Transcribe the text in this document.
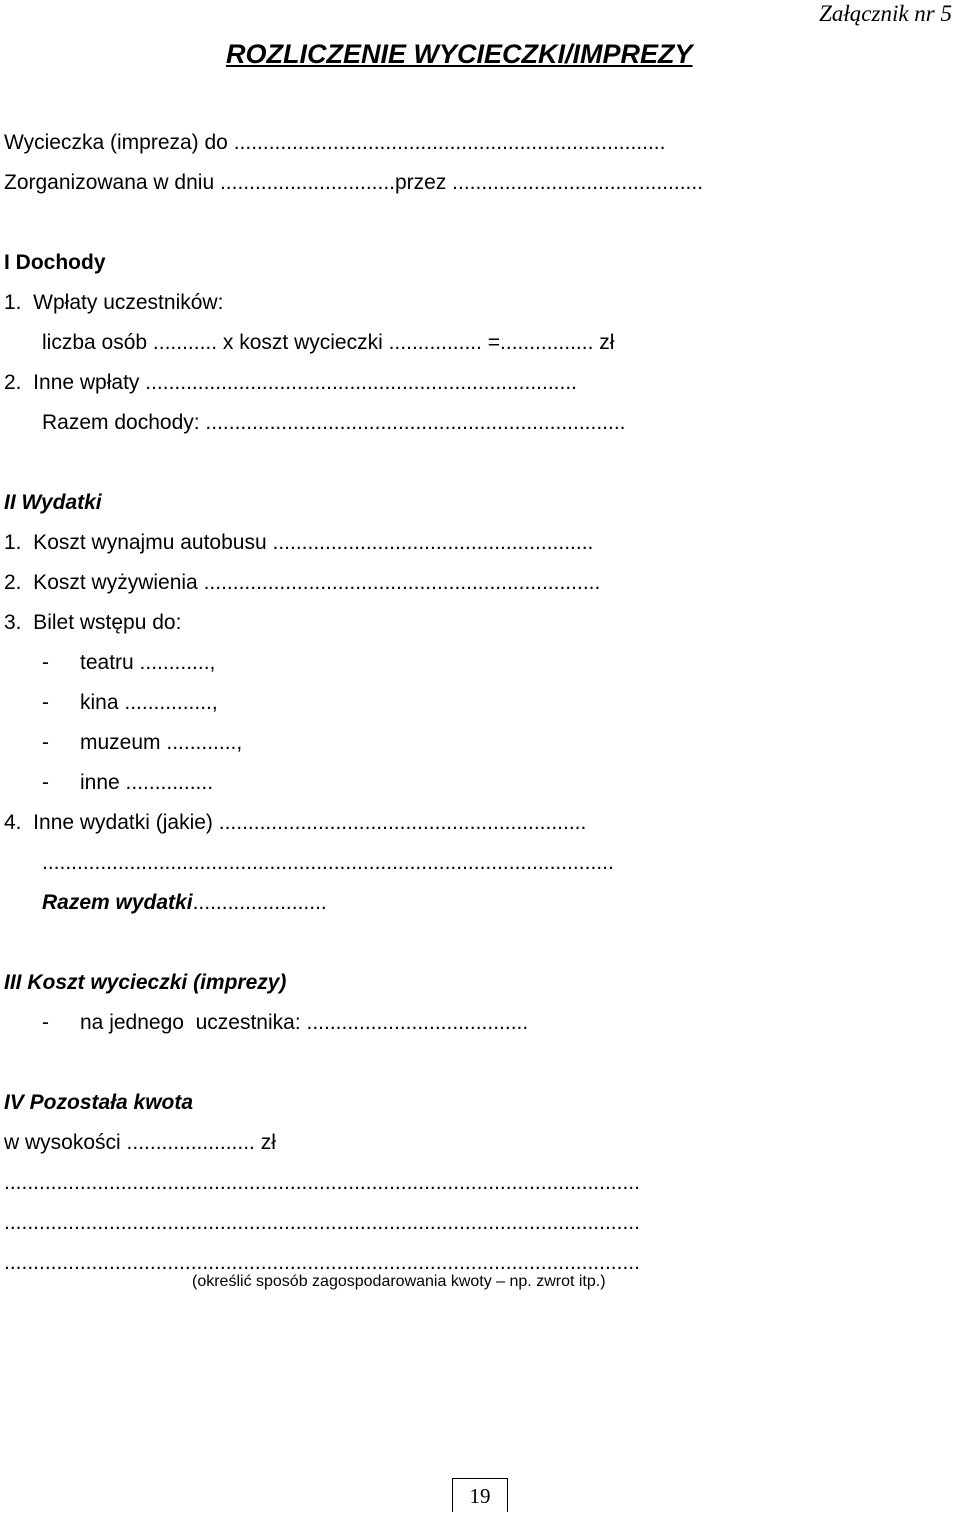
Załącznik nr 5
ROZLICZENIE WYCIECZKI/IMPREZY
Wycieczka (impreza) do ..........................................................................
Zorganizowana w dniu ..............................przez ...........................................
I Dochody
1.  Wpłaty uczestników:
liczba osób ........... x koszt wycieczki ................ =................ zł
2.  Inne wpłaty ..........................................................................
Razem dochody: ........................................................................
II Wydatki
1.  Koszt wynajmu autobusu .......................................................
2.  Koszt wyżywienia ....................................................................
3.  Bilet wstępu do:
- teatru ............,
- kina ...............,
- muzeum ............,
- inne ...............
4.  Inne wydatki (jakie) ...............................................................
..................................................................................................
Razem wydatki.......................
III Koszt wycieczki (imprezy)
- na jednego  uczestnika: ......................................
IV Pozostała kwota
w wysokości ...................... zł
.............................................................................................................
.............................................................................................................
.............................................................................................................
(określić sposób zagospodarowania kwoty – np. zwrot itp.)
19
